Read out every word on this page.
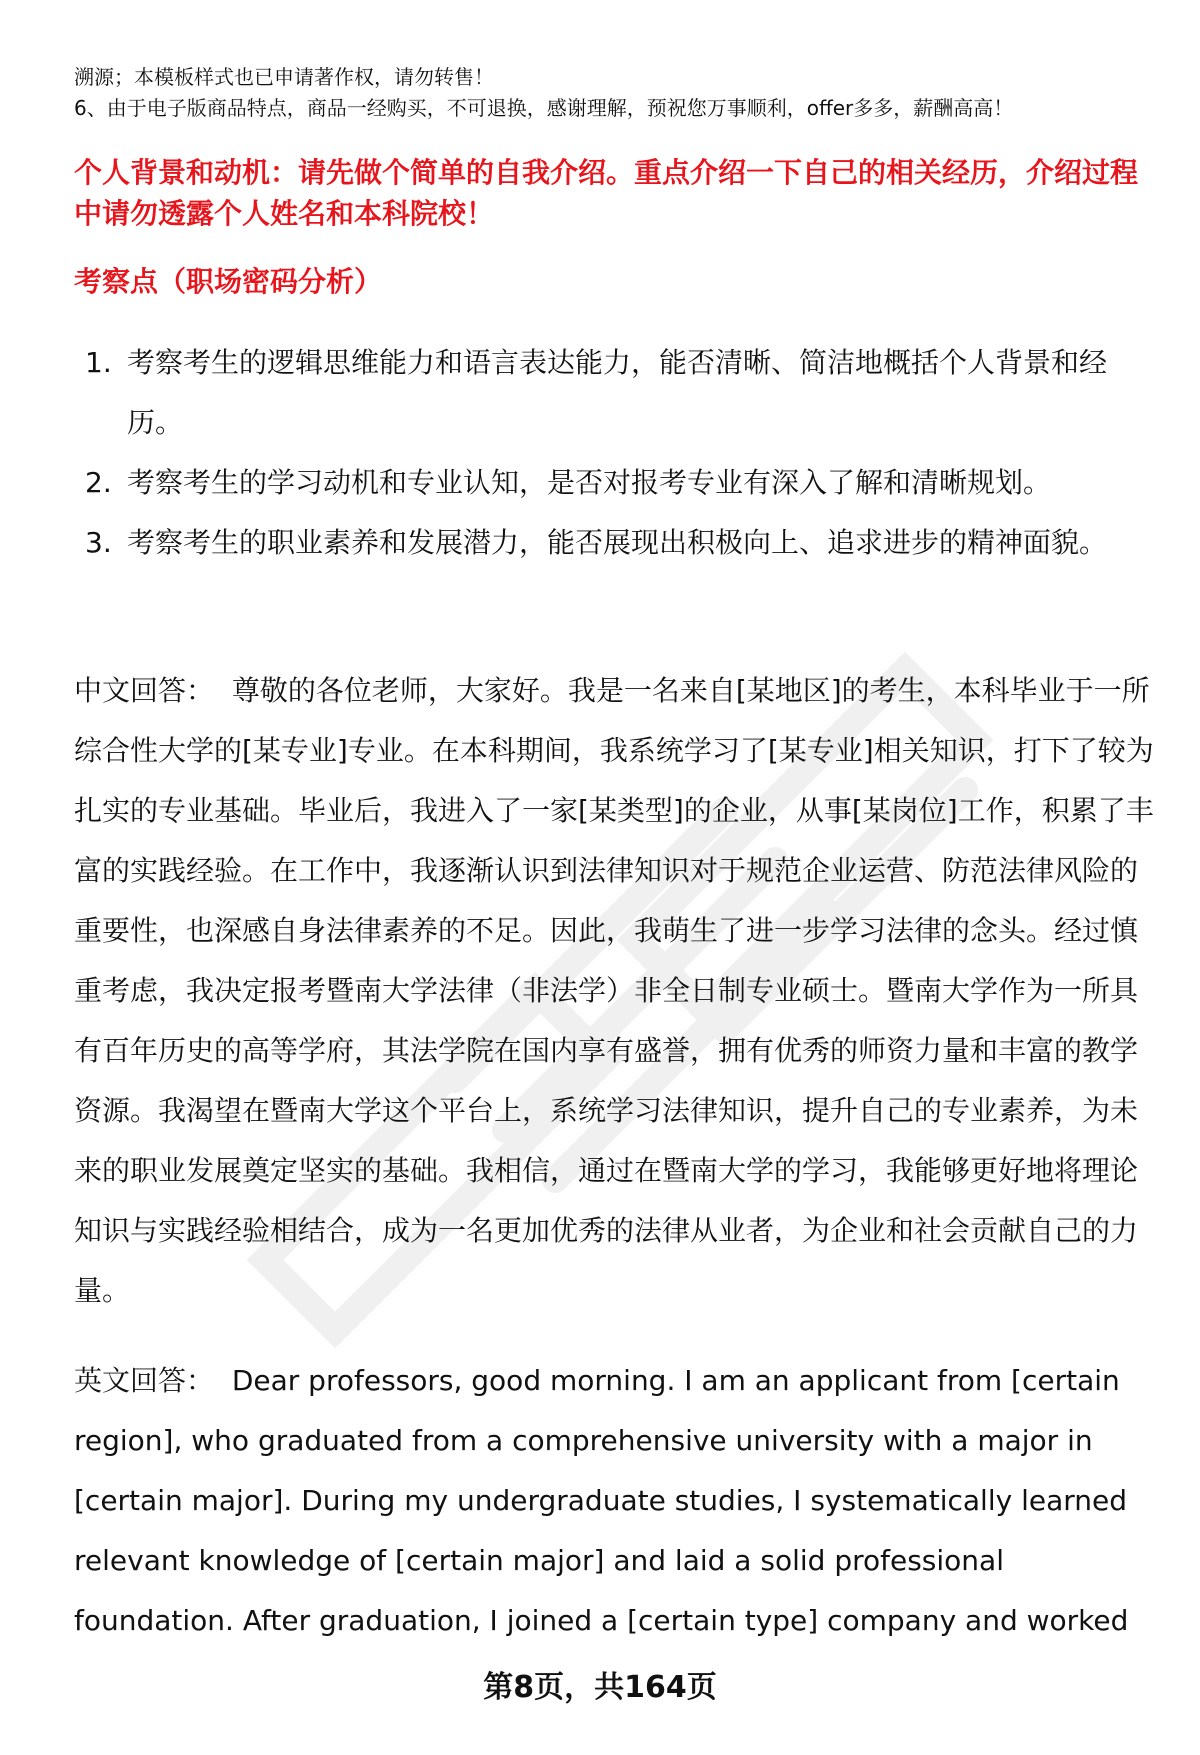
溯源；本模板样式也已申请著作权，请勿转售！
6、由于电子版商品特点，商品一经购买，不可退换，感谢理解，预祝您万事顺利，offer多多，薪酬高高！
个人背景和动机：请先做个简单的自我介绍。重点介绍一下自己的相关经历，介绍过程中请勿透露个人姓名和本科院校！
考察点（职场密码分析）
1. 考察考生的逻辑思维能力和语言表达能力，能否清晰、简洁地概括个人背景和经历。
2. 考察考生的学习动机和专业认知，是否对报考专业有深入了解和清晰规划。
3. 考察考生的职业素养和发展潜力，能否展现出积极向上、追求进步的精神面貌。
中文回答： 尊敬的各位老师，大家好。我是一名来自[某地区]的考生，本科毕业于一所综合性大学的[某专业]专业。在本科期间，我系统学习了[某专业]相关知识，打下了较为扎实的专业基础。毕业后，我进入了一家[某类型]的企业，从事[某岗位]工作，积累了丰富的实践经验。在工作中，我逐渐认识到法律知识对于规范企业运营、防范法律风险的重要性，也深感自身法律素养的不足。因此，我萌生了进一步学习法律的念头。经过慎重考虑，我决定报考暨南大学法律（非法学）非全日制专业硕士。暨南大学作为一所具有百年历史的高等学府，其法学院在国内享有盛誉，拥有优秀的师资力量和丰富的教学资源。我渴望在暨南大学这个平台上，系统学习法律知识，提升自己的专业素养，为未来的职业发展奠定坚实的基础。我相信，通过在暨南大学的学习，我能够更好地将理论知识与实践经验相结合，成为一名更加优秀的法律从业者，为企业和社会贡献自己的力量。
英文回答： Dear professors, good morning. I am an applicant from [certain region], who graduated from a comprehensive university with a major in [certain major]. During my undergraduate studies, I systematically learned relevant knowledge of [certain major] and laid a solid professional foundation. After graduation, I joined a [certain type] company and worked
第8页，共164页
